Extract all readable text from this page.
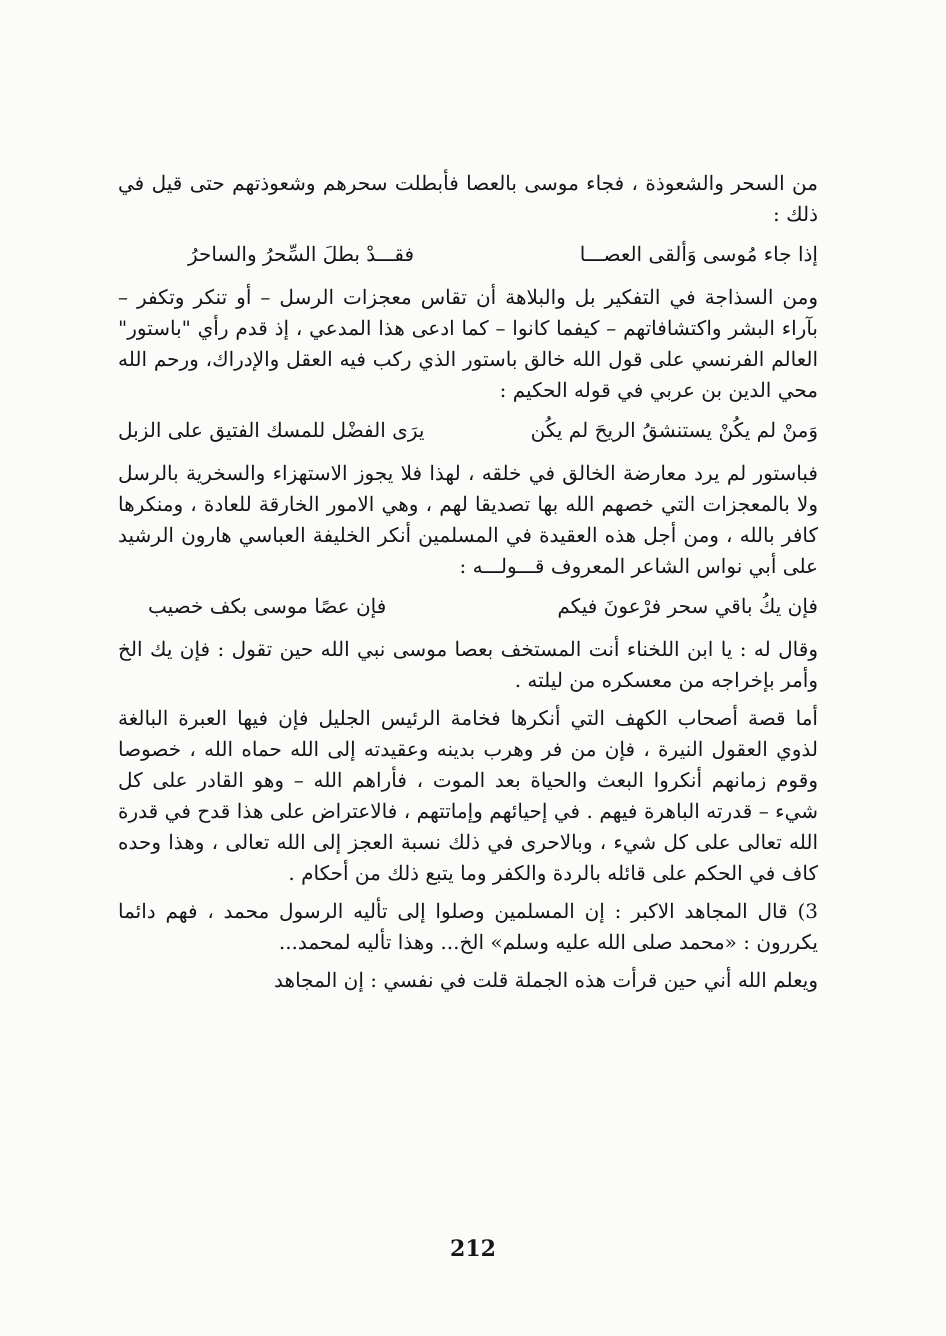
من السحر والشعوذة ، فجاء موسى بالعصا فأبطلت سحرهم وشعوذتهم حتى قيل في ذلك :

إذا جاء مُوسى وَألقى العصـــا
فقـــدْ بطلَ السِّحرُ والساحرُ

ومن السذاجة في التفكير بل والبلاهة أن تقاس معجزات الرسل – أو تنكر وتكفر – بآراء البشر واكتشافاتهم – كيفما كانوا – كما ادعى هذا المدعي ، إذ قدم رأي "باستور" العالم الفرنسي على قول الله خالق باستور الذي ركب فيه العقل والإدراك، ورحم الله محي الدين بن عربي في قوله الحكيم :

وَمنْ لم يكُنْ يستنشقُ الريحَ لم يكُن
يرَى الفضْل للمسك الفتيق على الزبل

فباستور لم يرد معارضة الخالق في خلقه ، لهذا فلا يجوز الاستهزاء والسخرية بالرسل ولا بالمعجزات التي خصهم الله بها تصديقا لهم ، وهي الامور الخارقة للعادة ، ومنكرها كافر بالله ، ومن أجل هذه العقيدة في المسلمين أنكر الخليفة العباسي هارون الرشيد على أبي نواس الشاعر المعروف قـــولـــه :

فإن يكُ باقي سحر فرْعونَ فيكم
فإن عصًا موسى بكف خصيب

وقال له : يا ابن اللخناء أنت المستخف بعصا موسى نبي الله حين تقول : فإن يك الخ وأمر بإخراجه من معسكره من ليلته .

أما قصة أصحاب الكهف التي أنكرها فخامة الرئيس الجليل فإن فيها العبرة البالغة لذوي العقول النيرة ، فإن من فر وهرب بدينه وعقيدته إلى الله حماه الله ، خصوصا وقوم زمانهم أنكروا البعث والحياة بعد الموت ، فأراهم الله – وهو القادر على كل شيء – قدرته الباهرة فيهم . في إحيائهم وإماتتهم ، فالاعتراض على هذا قدح في قدرة الله تعالى على كل شيء ، وبالاحرى في ذلك نسبة العجز إلى الله تعالى ، وهذا وحده كاف في الحكم على قائله بالردة والكفر وما يتبع ذلك من أحكام .

3) قال المجاهد الاكبر : إن المسلمين وصلوا إلى تأليه الرسول محمد ، فهم دائما يكررون : «محمد صلى الله عليه وسلم» الخ... وهذا تأليه لمحمد...

ويعلم الله أني حين قرأت هذه الجملة قلت في نفسي : إن المجاهد

212
